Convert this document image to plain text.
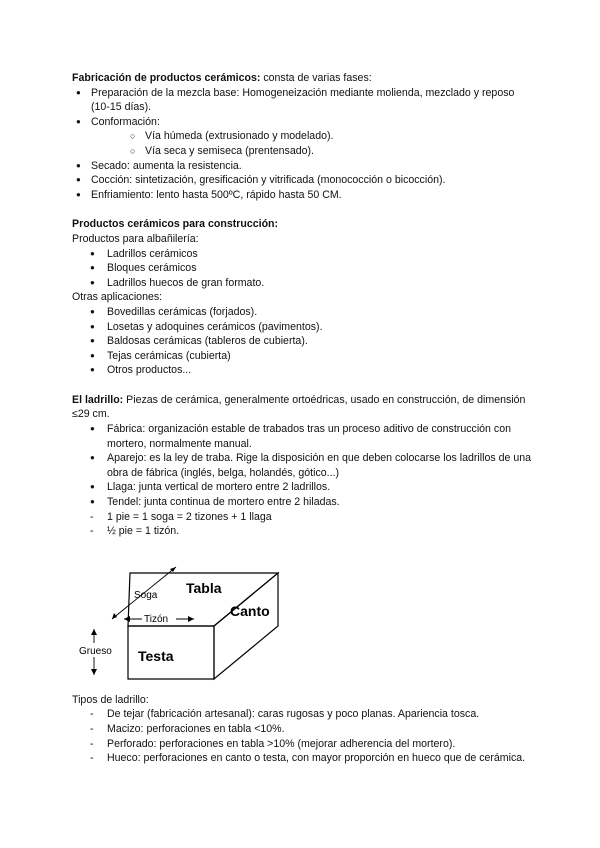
Fabricación de productos cerámicos: consta de varias fases:

● Preparación de la mezcla base: Homogeneización mediante molienda, mezclado y reposo (10-15 días).
● Conformación:
○ Vía húmeda (extrusionado y modelado).
○ Vía seca y semiseca (prentensado).
● Secado: aumenta la resistencia.
● Cocción: sintetización, gresificación y vitrificada (monococción o bicocción).
● Enfriamiento: lento hasta 500ºC, rápido hasta 50 CM.

Productos cerámicos para construcción:

Productos para albañilería:

● Ladrillos cerámicos
● Bloques cerámicos
● Ladrillos huecos de gran formato.

Otras aplicaciones:

● Bovedillas cerámicas (forjados).
● Losetas y adoquines cerámicos (pavimentos).
● Baldosas cerámicas (tableros de cubierta).
● Tejas cerámicas (cubierta)
● Otros productos...

El ladrillo: Piezas de cerámica, generalmente ortoédricas, usado en construcción, de dimensión ≤29 cm.

● Fábrica: organización estable de trabados tras un proceso aditivo de construcción con mortero, normalmente manual.
● Aparejo: es la ley de traba. Rige la disposición en que deben colocarse los ladrillos de una obra de fábrica (inglés, belga, holandés, gótico...)
● Llaga: junta vertical de mortero entre 2 ladrillos.
● Tendel: junta continua de mortero entre 2 hiladas.
- 1 pie = 1 soga = 2 tizones + 1 llaga
- ½ pie = 1 tizón.
Soga Tabla
Canto
Tizón
Grueso Testa

Tipos de ladrillo:

- De tejar (fabricación artesanal): caras rugosas y poco planas. Apariencia tosca.
- Macizo: perforaciones en tabla <10%.
- Perforado: perforaciones en tabla >10% (mejorar adherencia del mortero).
- Hueco: perforaciones en canto o testa, con mayor proporción en hueco que de cerámica.
